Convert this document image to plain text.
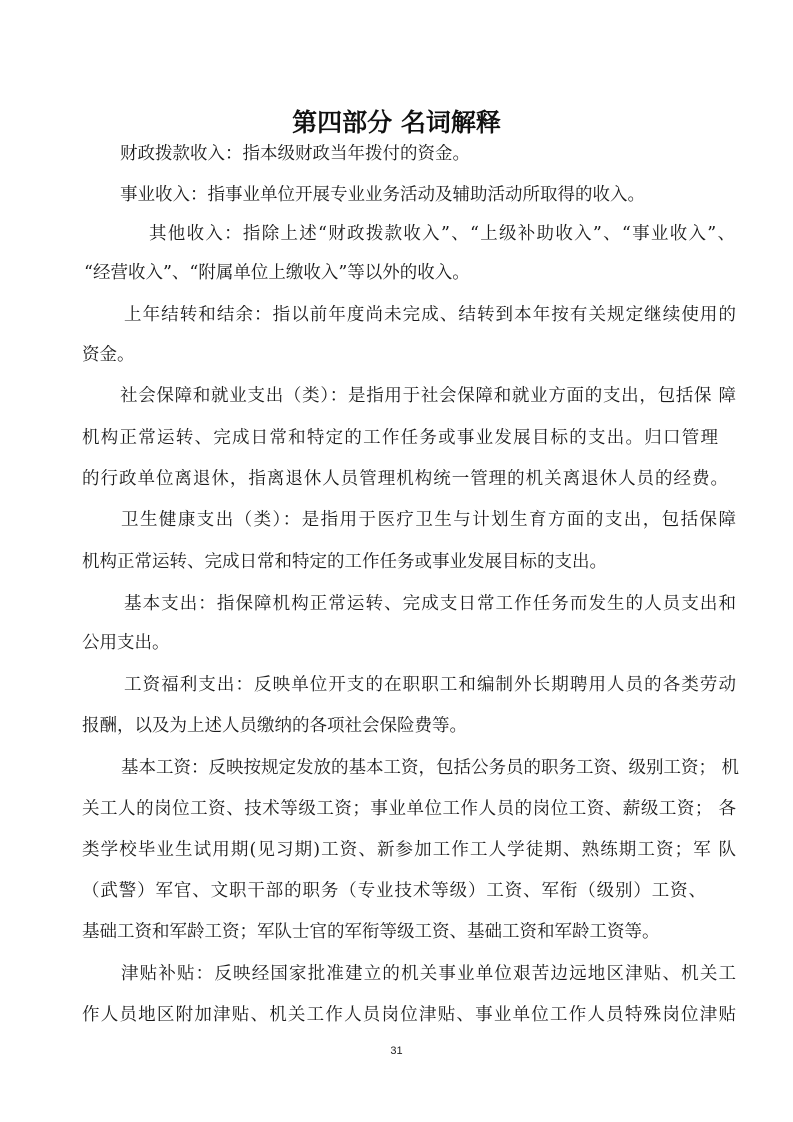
第四部分 名词解释
财政拨款收入：指本级财政当年拨付的资金。
事业收入：指事业单位开展专业业务活动及辅助活动所取得的收入。
其他收入：指除上述“财政拨款收入”、“上级补助收入”、“事业收入”、
“经营收入”、“附属单位上缴收入”等以外的收入。
上年结转和结余：指以前年度尚未完成、结转到本年按有关规定继续使用的
资金。
社会保障和就业支出（类）：是指用于社会保障和就业方面的支出，包括保 障
机构正常运转、完成日常和特定的工作任务或事业发展目标的支出。归口管理
的行政单位离退休，指离退休人员管理机构统一管理的机关离退休人员的经费。
卫生健康支出（类）：是指用于医疗卫生与计划生育方面的支出，包括保障
机构正常运转、完成日常和特定的工作任务或事业发展目标的支出。
基本支出：指保障机构正常运转、完成支日常工作任务而发生的人员支出和
公用支出。
工资福利支出：反映单位开支的在职职工和编制外长期聘用人员的各类劳动
报酬，以及为上述人员缴纳的各项社会保险费等。
基本工资：反映按规定发放的基本工资，包括公务员的职务工资、级别工资； 机
关工人的岗位工资、技术等级工资；事业单位工作人员的岗位工资、薪级工资； 各
类学校毕业生试用期(见习期)工资、新参加工作工人学徒期、熟练期工资；军 队
（武警）军官、文职干部的职务（专业技术等级）工资、军衔（级别）工资、
基础工资和军龄工资；军队士官的军衔等级工资、基础工资和军龄工资等。
津贴补贴：反映经国家批准建立的机关事业单位艰苦边远地区津贴、机关工
作人员地区附加津贴、机关工作人员岗位津贴、事业单位工作人员特殊岗位津贴
31
